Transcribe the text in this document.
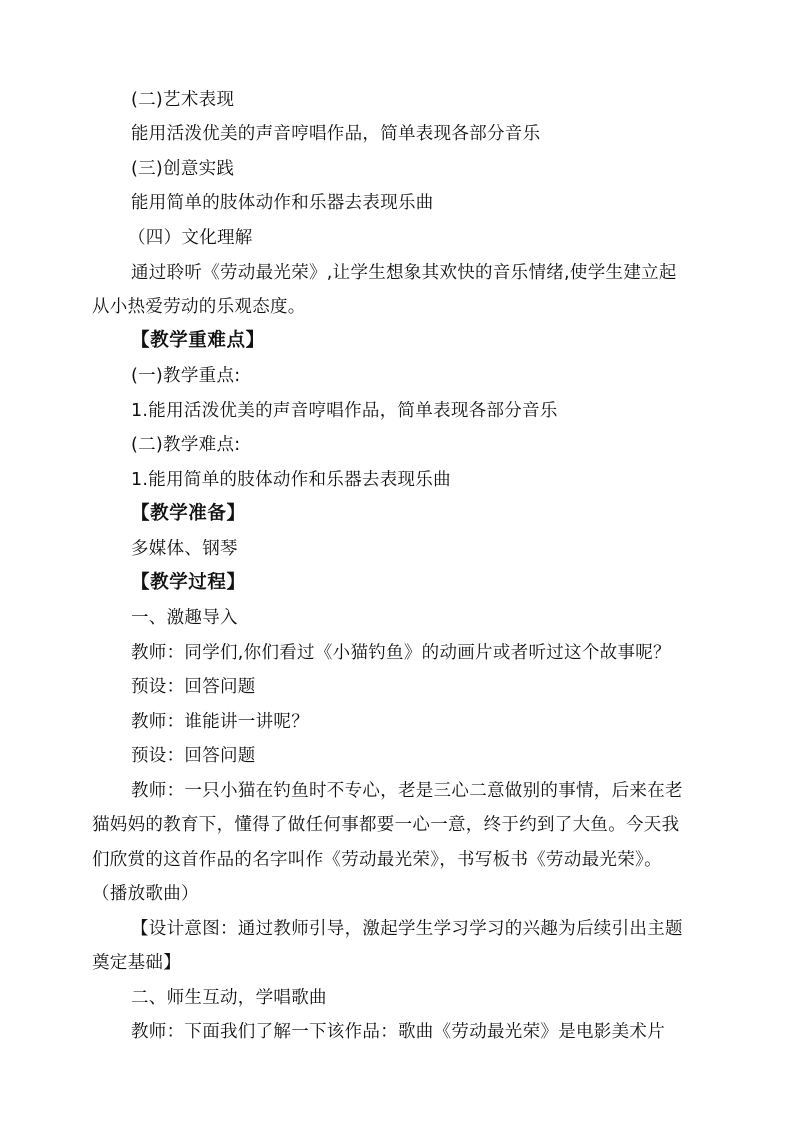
(二)艺术表现
能用活泼优美的声音哼唱作品，简单表现各部分音乐
(三)创意实践
能用简单的肢体动作和乐器去表现乐曲
（四）文化理解
通过聆听《劳动最光荣》,让学生想象其欢快的音乐情绪,使学生建立起
从小热爱劳动的乐观态度。
【教学重难点】
(一)教学重点:
1.能用活泼优美的声音哼唱作品，简单表现各部分音乐
(二)教学难点:
1.能用简单的肢体动作和乐器去表现乐曲
【教学准备】
多媒体、钢琴
【教学过程】
一、激趣导入
教师：同学们,你们看过《小猫钓鱼》的动画片或者听过这个故事呢？
预设：回答问题
教师：谁能讲一讲呢？
预设：回答问题
教师：一只小猫在钓鱼时不专心，老是三心二意做别的事情，后来在老
猫妈妈的教育下，懂得了做任何事都要一心一意，终于约到了大鱼。今天我
们欣赏的这首作品的名字叫作《劳动最光荣》，书写板书《劳动最光荣》。
（播放歌曲）
【设计意图：通过教师引导，激起学生学习学习的兴趣为后续引出主题
奠定基础】
二、师生互动，学唱歌曲
教师：下面我们了解一下该作品：歌曲《劳动最光荣》是电影美术片
